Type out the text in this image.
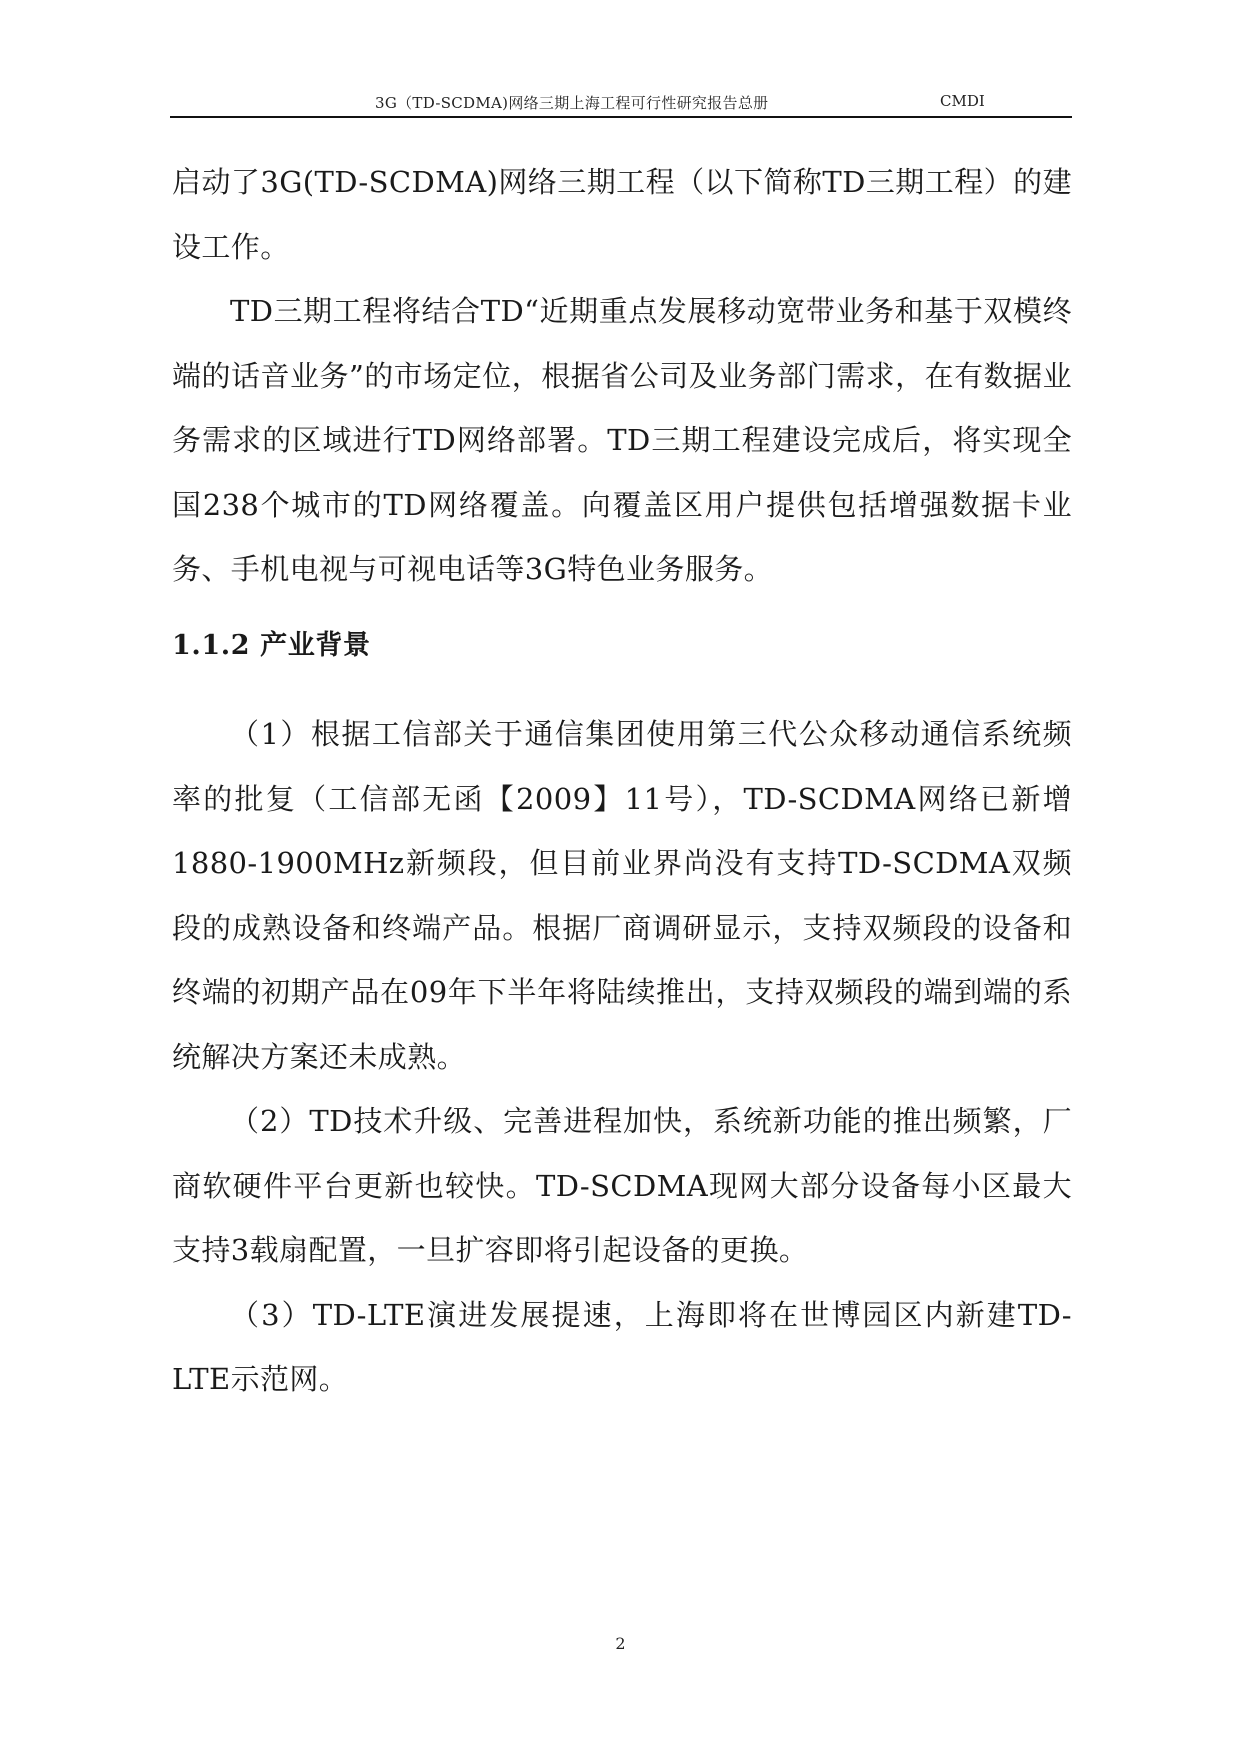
3G（TD-SCDMA)网络三期上海工程可行性研究报告总册	CMDI

启动了3G(TD-SCDMA)网络三期工程（以下简称TD三期工程）的建设工作。

TD三期工程将结合TD“近期重点发展移动宽带业务和基于双模终端的话音业务”的市场定位，根据省公司及业务部门需求，在有数据业务需求的区域进行TD网络部署。TD三期工程建设完成后，将实现全国238个城市的TD网络覆盖。向覆盖区用户提供包括增强数据卡业务、手机电视与可视电话等3G特色业务服务。

1.1.2 产业背景

（1）根据工信部关于通信集团使用第三代公众移动通信系统频率的批复（工信部无函【2009】11号），TD-SCDMA网络已新增1880-1900MHz新频段，但目前业界尚没有支持TD-SCDMA双频段的成熟设备和终端产品。根据厂商调研显示，支持双频段的设备和终端的初期产品在09年下半年将陆续推出，支持双频段的端到端的系统解决方案还未成熟。

（2）TD技术升级、完善进程加快，系统新功能的推出频繁，厂商软硬件平台更新也较快。TD-SCDMA现网大部分设备每小区最大支持3载扇配置，一旦扩容即将引起设备的更换。

（3）TD-LTE演进发展提速，上海即将在世博园区内新建TD-LTE示范网。

2
